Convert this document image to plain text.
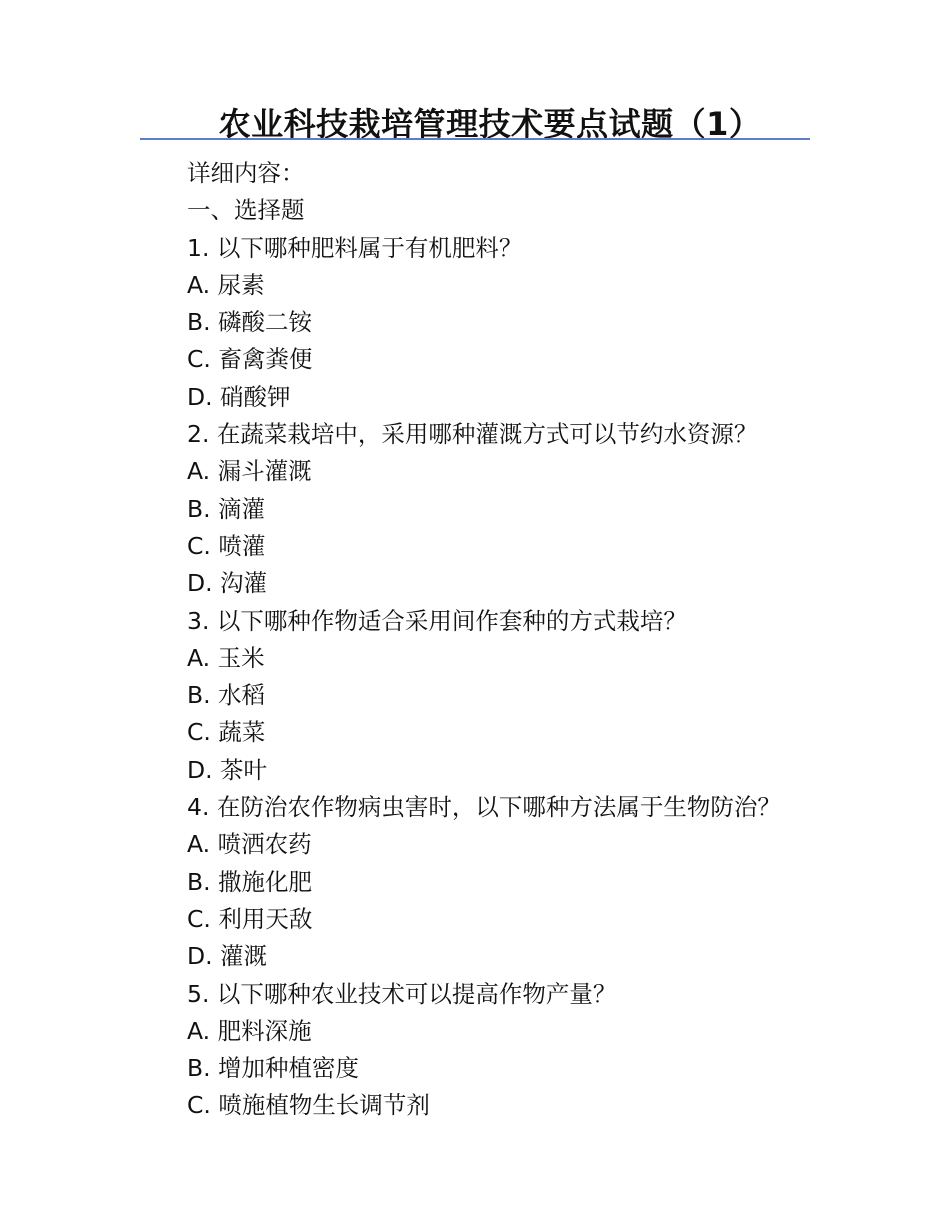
农业科技栽培管理技术要点试题（1）
详细内容：
一、选择题
1. 以下哪种肥料属于有机肥料？
A. 尿素
B. 磷酸二铵
C. 畜禽粪便
D. 硝酸钾
2. 在蔬菜栽培中，采用哪种灌溉方式可以节约水资源？
A. 漏斗灌溉
B. 滴灌
C. 喷灌
D. 沟灌
3. 以下哪种作物适合采用间作套种的方式栽培？
A. 玉米
B. 水稻
C. 蔬菜
D. 茶叶
4. 在防治农作物病虫害时，以下哪种方法属于生物防治？
A. 喷洒农药
B. 撒施化肥
C. 利用天敌
D. 灌溉
5. 以下哪种农业技术可以提高作物产量？
A. 肥料深施
B. 增加种植密度
C. 喷施植物生长调节剂
